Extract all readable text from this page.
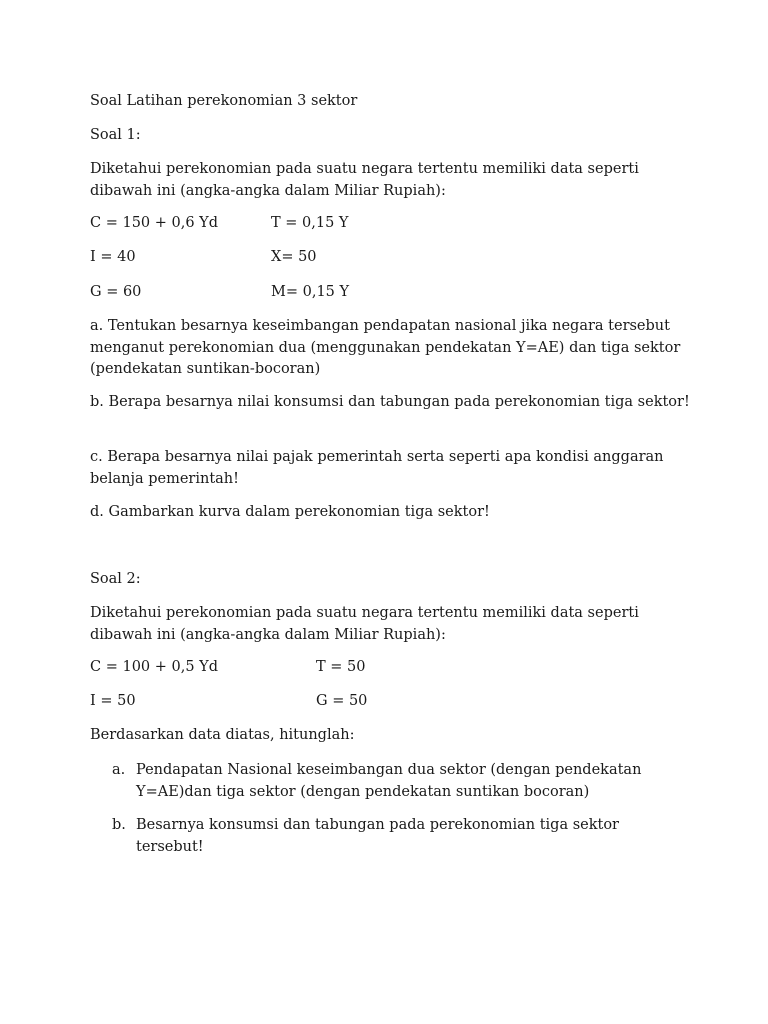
Soal Latihan perekonomian 3 sektor
Soal 1:
Diketahui perekonomian pada suatu negara tertentu memiliki data seperti dibawah ini (angka-angka dalam Miliar Rupiah):
C = 150 + 0,6 Yd	T = 0,15 Y
I = 40	X= 50
G = 60	M= 0,15 Y
a. Tentukan besarnya keseimbangan pendapatan nasional jika negara tersebut menganut perekonomian dua (menggunakan pendekatan Y=AE) dan tiga sektor (pendekatan suntikan-bocoran)
b. Berapa besarnya nilai konsumsi dan tabungan pada perekonomian tiga sektor!
c. Berapa besarnya nilai pajak pemerintah serta seperti apa kondisi anggaran belanja pemerintah!
d. Gambarkan kurva dalam perekonomian tiga sektor!
Soal 2:
Diketahui perekonomian pada suatu negara tertentu memiliki data seperti dibawah ini (angka-angka dalam Miliar Rupiah):
C = 100 + 0,5 Yd	T = 50
I = 50	G = 50
Berdasarkan data diatas, hitunglah:
a. Pendapatan Nasional keseimbangan dua sektor (dengan pendekatan Y=AE)dan tiga sektor (dengan pendekatan suntikan bocoran)
b. Besarnya konsumsi dan tabungan pada perekonomian tiga sektor tersebut!
